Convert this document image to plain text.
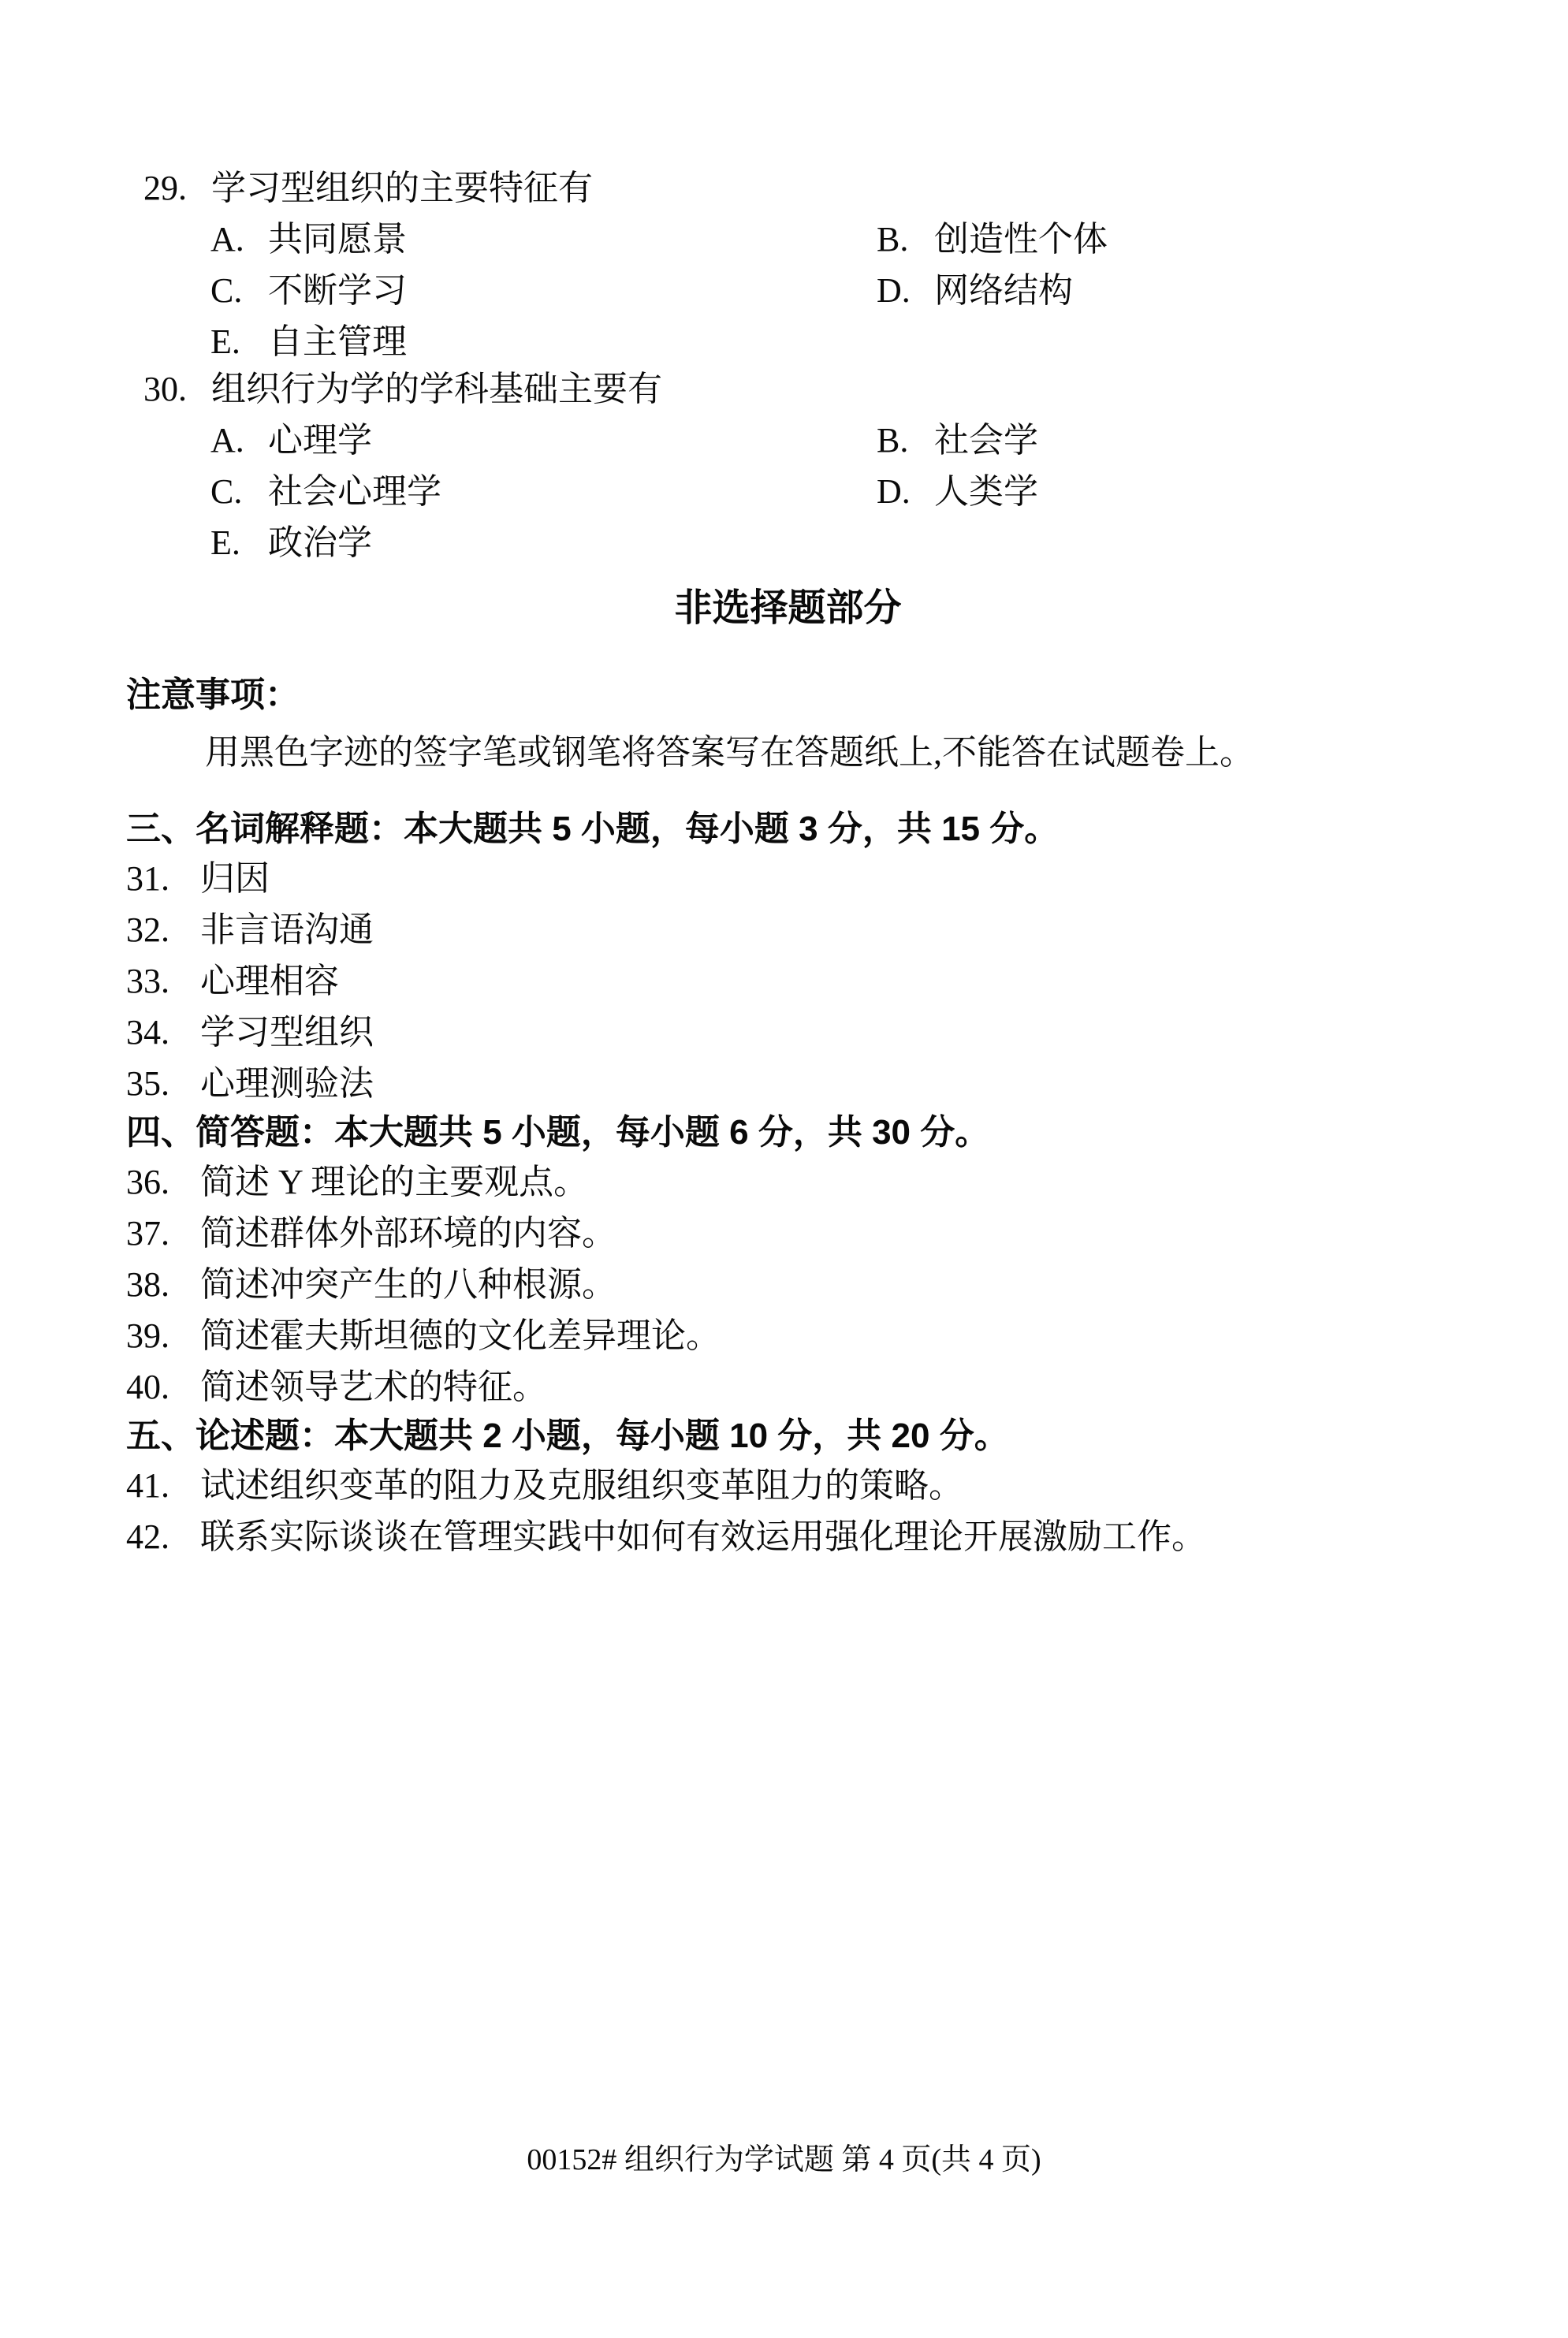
29. 学习型组织的主要特征有
A. 共同愿景	B. 创造性个体
C. 不断学习	D. 网络结构
E. 自主管理
30. 组织行为学的学科基础主要有
A. 心理学	B. 社会学
C. 社会心理学	D. 人类学
E. 政治学
非选择题部分
注意事项：
用黑色字迹的签字笔或钢笔将答案写在答题纸上,不能答在试题卷上。
三、名词解释题：本大题共 5 小题，每小题 3 分，共 15 分。
31. 归因
32. 非言语沟通
33. 心理相容
34. 学习型组织
35. 心理测验法
四、简答题：本大题共 5 小题，每小题 6 分，共 30 分。
36. 简述 Y 理论的主要观点。
37. 简述群体外部环境的内容。
38. 简述冲突产生的八种根源。
39. 简述霍夫斯坦德的文化差异理论。
40. 简述领导艺术的特征。
五、论述题：本大题共 2 小题，每小题 10 分，共 20 分。
41. 试述组织变革的阻力及克服组织变革阻力的策略。
42. 联系实际谈谈在管理实践中如何有效运用强化理论开展激励工作。
00152# 组织行为学试题 第 4 页(共 4 页)
